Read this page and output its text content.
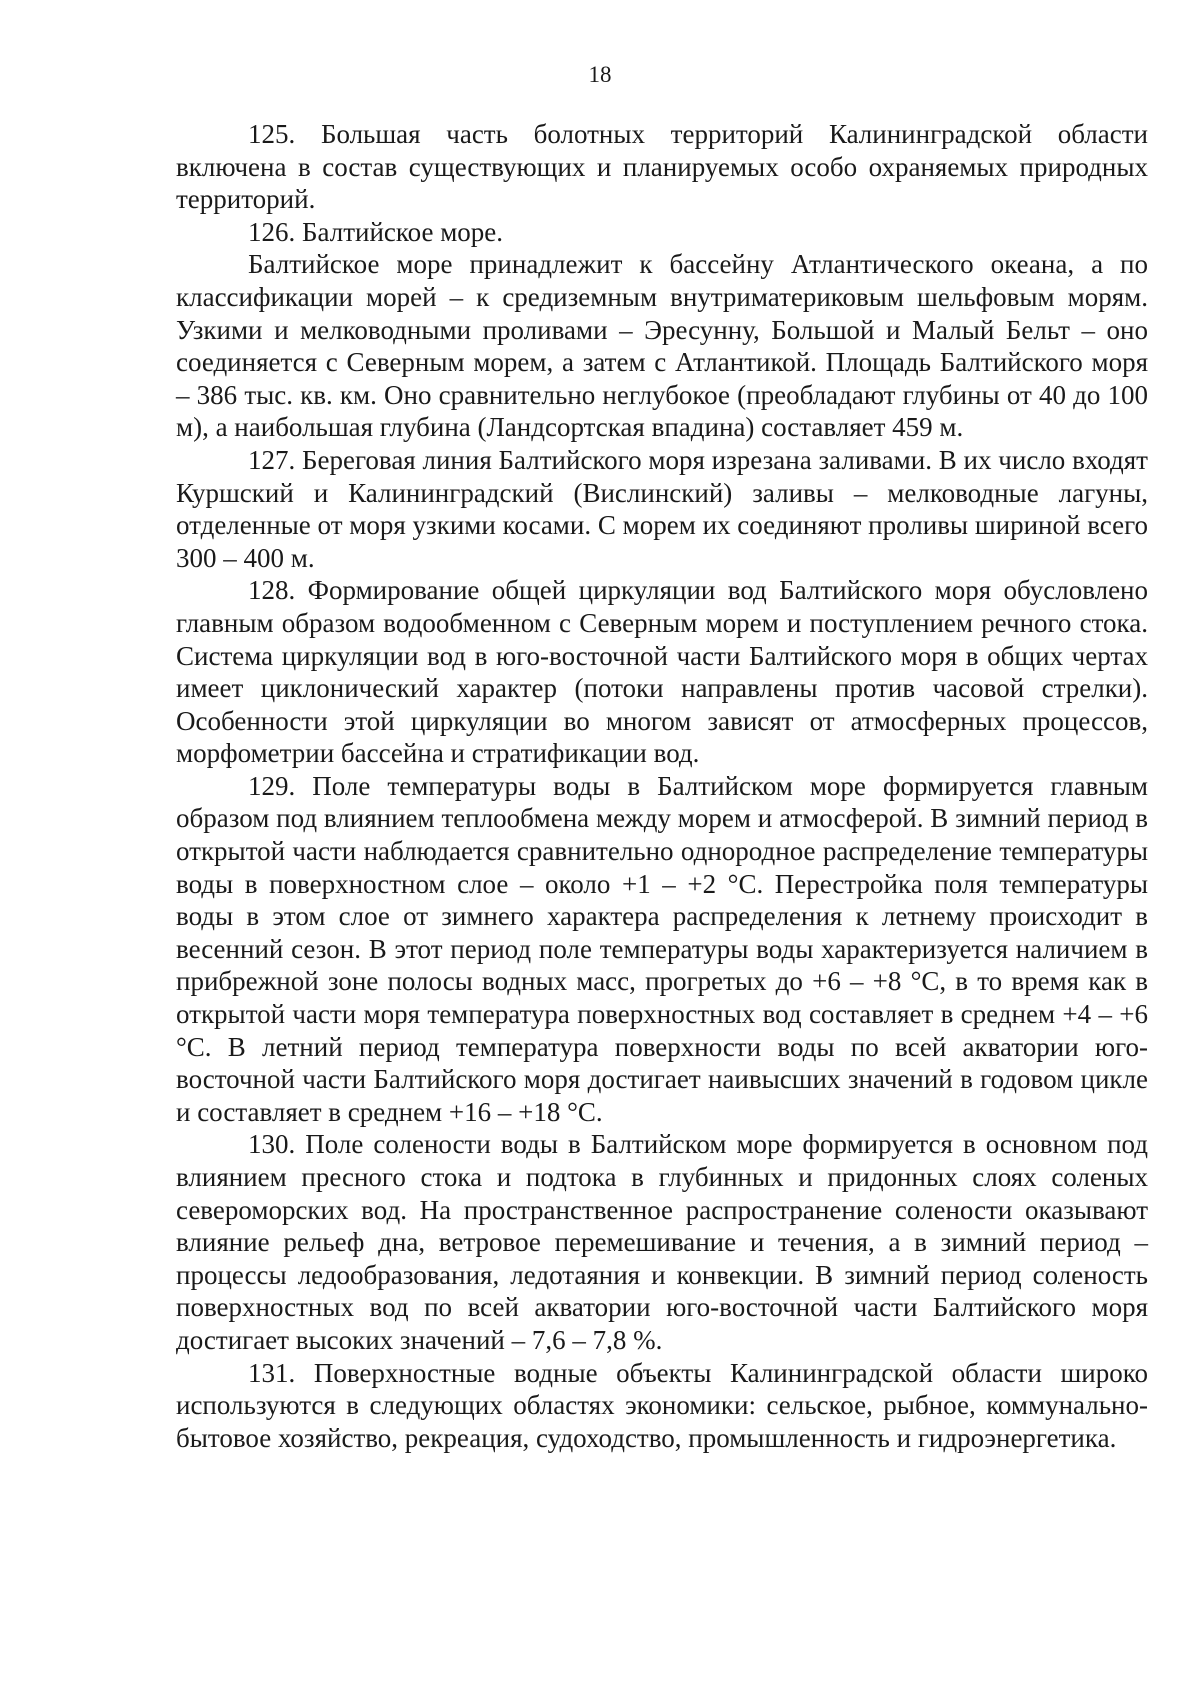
18

125. Большая часть болотных территорий Калининградской области включена в состав существующих и планируемых особо охраняемых природных территорий.

126. Балтийское море.

Балтийское море принадлежит к бассейну Атлантического океана, а по классификации морей – к средиземным внутриматериковым шельфовым морям. Узкими и мелководными проливами – Эресунну, Большой и Малый Бельт – оно соединяется с Северным морем, а затем с Атлантикой. Площадь Балтийского моря – 386 тыс. кв. км. Оно сравнительно неглубокое (преобладают глубины от 40 до 100 м), а наибольшая глубина (Ландсортская впадина) составляет 459 м.

127. Береговая линия Балтийского моря изрезана заливами. В их число входят Куршский и Калининградский (Вислинский) заливы – мелководные лагуны, отделенные от моря узкими косами. С морем их соединяют проливы шириной всего 300 – 400 м.

128. Формирование общей циркуляции вод Балтийского моря обусловлено главным образом водообменном с Северным морем и поступлением речного стока. Система циркуляции вод в юго-восточной части Балтийского моря в общих чертах имеет циклонический характер (потоки направлены против часовой стрелки). Особенности этой циркуляции во многом зависят от атмосферных процессов, морфометрии бассейна и стратификации вод.

129. Поле температуры воды в Балтийском море формируется главным образом под влиянием теплообмена между морем и атмосферой. В зимний период в открытой части наблюдается сравнительно однородное распределение температуры воды в поверхностном слое – около +1 – +2 °С. Перестройка поля температуры воды в этом слое от зимнего характера распределения к летнему происходит в весенний сезон. В этот период поле температуры воды характеризуется наличием в прибрежной зоне полосы водных масс, прогретых до +6 – +8 °С, в то время как в открытой части моря температура поверхностных вод составляет в среднем +4 – +6 °С. В летний период температура поверхности воды по всей акватории юго-восточной части Балтийского моря достигает наивысших значений в годовом цикле и составляет в среднем +16 – +18 °С.

130. Поле солености воды в Балтийском море формируется в основном под влиянием пресного стока и подтока в глубинных и придонных слоях соленых североморских вод. На пространственное распространение солености оказывают влияние рельеф дна, ветровое перемешивание и течения, а в зимний период – процессы ледообразования, ледотаяния и конвекции. В зимний период соленость поверхностных вод по всей акватории юго-восточной части Балтийского моря достигает высоких значений – 7,6 – 7,8 %.

131. Поверхностные водные объекты Калининградской области широко используются в следующих областях экономики: сельское, рыбное, коммунально-бытовое хозяйство, рекреация, судоходство, промышленность и гидроэнергетика.
